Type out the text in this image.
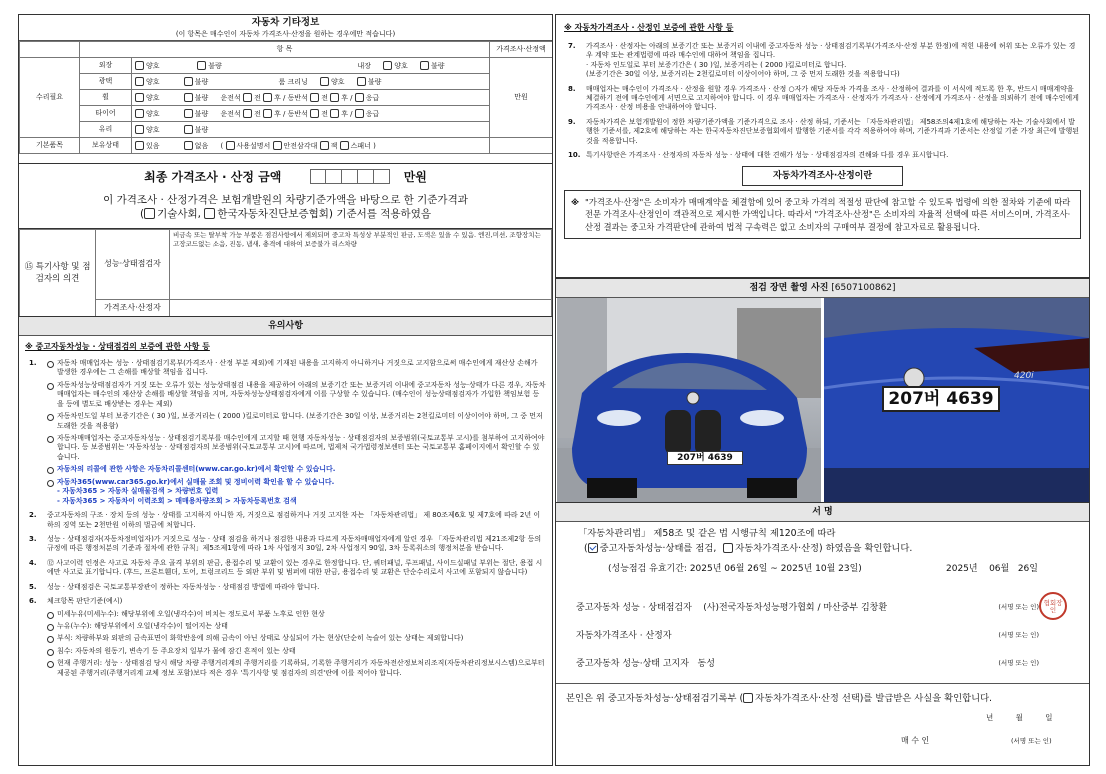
자동차 기타정보
(이 항목은 매수인이 자동차 가격조사·산정을 원하는 경우에만 적습니다)
	항 목		가격조사·산정액
수리필요	외장	양호 불량 내장 양호 불량	만원
	광택	양호 불량 룸 크리닝 양호 불량	
	휠	양호 불량 운전석 전 후 / 동반석 전 후 / 응급	
	타이어	양호 불량 운전석 전 후 / 동반석 전 후 / 응급	
	유리	양호 불량	
기본품목	보유상태	있음 없음 ( 사용설명서 안전삼각대 잭 스패너 )	
최종 가격조사 · 산정 금액	만원
이 가격조사 · 산정가격은 보험개발원의 차량기준가액을 바탕으로 한 기준가격과
( 기술사회, 한국자동차진단보증협회) 기준서를 적용하였음
⑮ 특기사항 및 점검자의 의견	성능·상태점검자	비금속 또는 탈부착 가능 부품은 점검사항에서 제외되며 중고차 특성상 부분적인 판금, 도색은 있을 수 있음. 엔진,미션, 조향장치는 고장코드없는 소음, 진동, 냄새, 충격에 대하여 보증불가 리스차량
	가격조사·산정자	
유의사항
※ 중고자동차성능 · 상태점검의 보증에 관한 사항 등
1.	자동차 매매업자는 성능 · 상태점검기록부(가격조사 · 산정 부분 제외)에 기재된 내용을 고지하지 아니하거나 거짓으로 고지함으로써 매수인에게 재산상 손해가 발생한 경우에는 그 손해를 배상할 책임을 집니다.
자동차성능상태점검자가 거짓 또는 오류가 있는 성능상태점검 내용을 제공하여 아래의 보증기간 또는 보증거리 이내에 중고자동차 성능·상태가 다른 경우, 자동차매매업자는 매수인의 재산상 손해를 배상할 책임을 지며, 자동차성능상태점검자에게 이를 구상할 수 있습니다. (매수인이 성능상태점검자가 가입한 책임보험 등을 등에 별도로 배상받는 경우는 제외)
자동차인도일 부터 보증기간은 ( 30 )일, 보증거리는 ( 2000 )킬로미터로 합니다. (보증기간은 30일 이상, 보증거리는 2천킬로미터 이상이어야 하며, 그 중 먼저 도래한 것을 적용함)
자동차매매업자는 중고자동차성능 · 상태점검기록부를 매수인에게 고지할 때 현행 자동차성능 · 상태점검자의 보증범위(국토교통부 고시)를 첨부하여 고지하여야 합니다. 등 보증범위는 '자동차성능 · 상태점검자의 보증범위(국토교통부 고시)에 따르며, 법제처 국가법령정보센터 또는 국토교통부 홈페이지에서 확인할 수 있습니다.
자동차의 리콜에 관한 사항은 자동차리콜센터(www.car.go.kr)에서 확인할 수 있습니다.
자동차365(www.car365.go.kr)에서 실매물 조회 및 정비이력 확인을 할 수 있습니다.
- 자동차365 > 자동차 실매물검색 > 차량번호 입력
- 자동차365 > 자동차이 이력조회 > 매매용차량조회 > 자동차등록번호 검색
2. 중고자동차의 구조 · 장치 등의 성능 · 상태를 고지하지 아니한 자, 거짓으로 점검하거나 거짓 고지한 자는 「자동차관리법」 제 80조제6호 및 제7호에 따라 2년 이하의 징역 또는 2천만원 이하의 벌금에 처합니다.
3. 성능 · 상태점검자(자동차정비업자)가 거짓으로 성능 · 상태 점검을 하거나 점검한 내용과 다르게 자동차매매업자에게 알린 경우 「자동차관리법 제21조제2항 등의 규정에 따른 행정처분의 기준과 절차에 관한 규칙」제5조제1항에 따라 1차 사업정지 30일, 2차 사업정지 90일, 3차 등록취소의 행정처분을 받습니다.
4. ⑫ 사고이력 인정은 사고로 자동차 주요 골격 부위의 판금, 용접수리 및 교환이 있는 경우로 한정합니다. 단, 쿼터패널, 루프패널, 사이드실패널 부위는 절단, 용접 시에만 사고로 표기합니다. (후드, 프론트휀더, 도어, 트렁크리드 등 외판 부위 및 범퍼에 대한 판금, 용접수리 및 교환은 단순수리로서 사고에 포함되지 않습니다)
5. 성능 · 상태점검은 국토교통부장관이 정하는 자동차성능 · 상태점검 방법에 따라야 합니다.
6. 체크항목 판단기준(예시)
미세누유(미세누수): 해당부위에 오일(냉각수)이 비치는 정도로서 부품 노후로 인한 현상
누유(누수): 해당부위에서 오일(냉각수)이 떨어지는 상태
부식: 차량하부와 외판의 금속표면이 화학반응에 의해 금속이 아닌 상태로 상실되어 가는 현상(단순히 녹슬어 있는 상태는 제외합니다)
침수: 자동차의 원동기, 변속기 등 주요장치 일부가 물에 잠긴 흔적이 있는 상태
현재 주행거리: 성능 · 상태점검 당시 해당 차량 주행거리계의 주행거리를 기록하되, 기록한 주행거리가 자동차전산정보처리조직(자동차관리정보시스템)으로부터 제공된 주행거리(주행거리계 교체 정보 포함)보다 적은 경우 '특기사항 및 점검자의 의견'란에 이를 적어야 합니다.
※ 자동차가격조사 · 산정인 보증에 관한 사항 등
7. 가격조사 · 산정자는 아래의 보증기간 또는 보증거리 이내에 중고자동차 성능 · 상태점검기록부(가격조사·산정 부분 한정)에 적힌 내용에 허위 또는 오류가 있는 경우 계약 또는 관계법령에 따라 매수인에 대하여 책임을 집니다.
· 자동차 인도일로 부터 보증기간은 ( 30 )일, 보증거리는 ( 2000 )킬로미터로 합니다.
(보증기간은 30일 이상, 보증거리는 2천킬로미터 이상이어야 하며, 그 중 먼저 도래한 것을 적용합니다)
8. 매매업자는 매수인이 가격조사 · 산정을 원할 경우 가격조사 · 산정 ○자가 해당 자동차 가격을 조사 · 산정하여 결과를 이 서식에 적도록 한 후, 반드시 매매계약을 체결하기 전에 매수인에게 서면으로 고지하여야 합니다. 이 경우 매매업자는 가격조사 · 산정자가 가격조사 · 산정에게 가격조사 · 산정을 의뢰하기 전에 매수인에게 가격조사 · 산정 비용을 안내하여야 합니다.
9. 자동차가격은 보험개발원이 정한 차량기준가액을 기준가격으로 조사 · 산정 하되, 기준서는 「자동차관리법」 제58조의4제1호에 해당하는 자는 기술사회에서 발행한 기준서를, 제2호에 해당하는 자는 한국자동차진단보증협회에서 발행한 기준서를 각각 적용하여야 하며, 기준가격과 기준서는 산정일 기준 가장 최근에 발행된 것을 적용합니다.
10. 특기사항란은 가격조사 · 산정자의 자동차 성능 · 상태에 대한 견해가 성능 · 상태점검자의 견해와 다를 경우 표시합니다.
자동차가격조사·산정이란
※ "가격조사·산정"은 소비자가 매매계약을 체결함에 있어 중고차 가격의 적절성 판단에 참고할 수 있도록 법령에 의한 절차와 기준에 따라 전문 가격조사·산정인이 객관적으로 제시한 가액입니다. 따라서 "가격조사·산정"은 소비자의 자율적 선택에 따른 서비스이며, 가격조사·산정 결과는 중고차 가격판단에 관하여 법적 구속력은 없고 소비자의 구매여부 결정에 참고자료로 활용됩니다.
점검 장면 촬영 사진 [6507100862]
207버 4639
420i
207버 4639
서 명
「자동차관리법」 제58조 및 같은 법 시행규칙 제120조에 따라
( 중고자동차성능·상태를 점검, 자동차가격조사·산정) 하였음을 확인합니다.
(성능점검 유효기간: 2025년 06월 26일 ~ 2025년 10월 23일)	2025년 06월 26일
중고자동차 성능 · 상태점검자 (사)전국자동차성능평가협회 / 마산중부 김창환	(서명 또는 인) 협회장인
자동차가격조사 · 산정자	(서명 또는 인)
중고자동차 성능·상태 고지자 동성	(서명 또는 인)
본인은 위 중고자동차성능·상태점검기록부 ( 자동차가격조사·산정 선택)를 발급받은 사실을 확인합니다.
년	월	일
매 수 인	(서명 또는 인)
